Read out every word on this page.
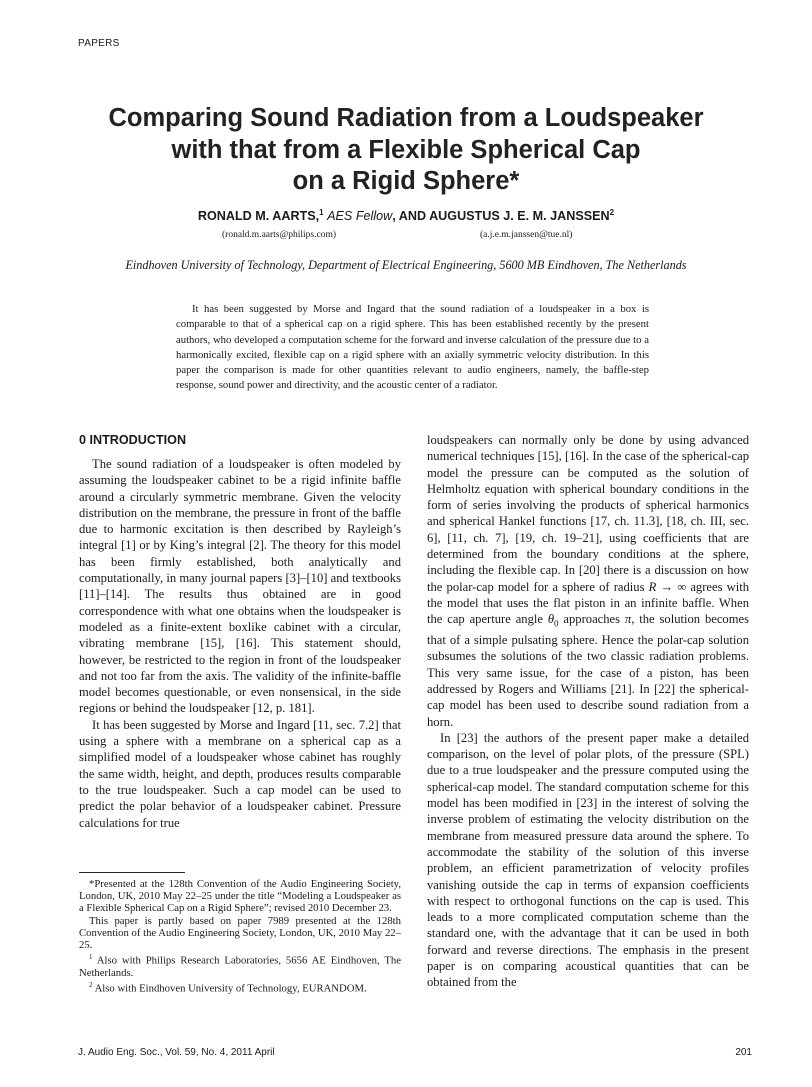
PAPERS
Comparing Sound Radiation from a Loudspeaker
with that from a Flexible Spherical Cap
on a Rigid Sphere*
RONALD M. AARTS,$^1$ AES Fellow, AND AUGUSTUS J. E. M. JANSSEN$^2$
(ronald.m.aarts@philips.com)	(a.j.e.m.janssen@tue.nl)
Eindhoven University of Technology, Department of Electrical Engineering, 5600 MB Eindhoven, The Netherlands
It has been suggested by Morse and Ingard that the sound radiation of a loudspeaker in a box is comparable to that of a spherical cap on a rigid sphere. This has been established recently by the present authors, who developed a computation scheme for the forward and inverse calculation of the pressure due to a harmonically excited, flexible cap on a rigid sphere with an axially symmetric velocity distribution. In this paper the comparison is made for other quantities relevant to audio engineers, namely, the baffle-step response, sound power and directivity, and the acoustic center of a radiator.
0 INTRODUCTION

The sound radiation of a loudspeaker is often modeled by assuming the loudspeaker cabinet to be a rigid infinite baffle around a circularly symmetric membrane. Given the velocity distribution on the membrane, the pressure in front of the baffle due to harmonic excitation is then described by Rayleigh’s integral [1] or by King’s integral [2]. The theory for this model has been firmly established, both analytically and computationally, in many journal papers [3]–[10] and textbooks [11]–[14]. The results thus obtained are in good correspondence with what one obtains when the loudspeaker is modeled as a finite-extent boxlike cabinet with a circular, vibrating membrane [15], [16]. This statement should, however, be restricted to the region in front of the loudspeaker and not too far from the axis. The validity of the infinite-baffle model becomes questionable, or even nonsensical, in the side regions or behind the loudspeaker [12, p. 181].

It has been suggested by Morse and Ingard [11, sec. 7.2] that using a sphere with a membrane on a spherical cap as a simplified model of a loudspeaker whose cabinet has roughly the same width, height, and depth, produces results comparable to the true loudspeaker. Such a cap model can be used to predict the polar behavior of a loudspeaker cabinet. Pressure calculations for true

loudspeakers can normally only be done by using advanced numerical techniques [15], [16]. In the case of the spherical-cap model the pressure can be computed as the solution of Helmholtz equation with spherical boundary conditions in the form of series involving the products of spherical harmonics and spherical Hankel functions [17, ch. 11.3], [18, ch. III, sec. 6], [11, ch. 7], [19, ch. 19–21], using coefficients that are determined from the boundary conditions at the sphere, including the flexible cap. In [20] there is a discussion on how the polar-cap model for a sphere of radius R → ∞ agrees with the model that uses the flat piston in an infinite baffle. When the cap aperture angle $\theta_0$ approaches π, the solution becomes that of a simple pulsating sphere. Hence the polar-cap solution subsumes the solutions of the two classic radiation problems. This very same issue, for the case of a piston, has been addressed by Rogers and Williams [21]. In [22] the spherical-cap model has been used to describe sound radiation from a horn.

In [23] the authors of the present paper make a detailed comparison, on the level of polar plots, of the pressure (SPL) due to a true loudspeaker and the pressure computed using the spherical-cap model. The standard computation scheme for this model has been modified in [23] in the interest of solving the inverse problem of estimating the velocity distribution on the membrane from measured pressure data around the sphere. To accommodate the stability of the solution of this inverse problem, an efficient parametrization of velocity profiles vanishing outside the cap in terms of expansion coefficients with respect to orthogonal functions on the cap is used. This leads to a more complicated computation scheme than the standard one, with the advantage that it can be used in both forward and reverse directions. The emphasis in the present paper is on comparing acoustical quantities that can be obtained from the

*Presented at the 128th Convention of the Audio Engineering Society, London, UK, 2010 May 22–25 under the title “Modeling a Loudspeaker as a Flexible Spherical Cap on a Rigid Sphere”; revised 2010 December 23.

This paper is partly based on paper 7989 presented at the 128th Convention of the Audio Engineering Society, London, UK, 2010 May 22–25.

$^1$ Also with Philips Research Laboratories, 5656 AE Eindhoven, The Netherlands.

$^2$ Also with Eindhoven University of Technology, EURANDOM.

J. Audio Eng. Soc., Vol. 59, No. 4, 2011 April	201
